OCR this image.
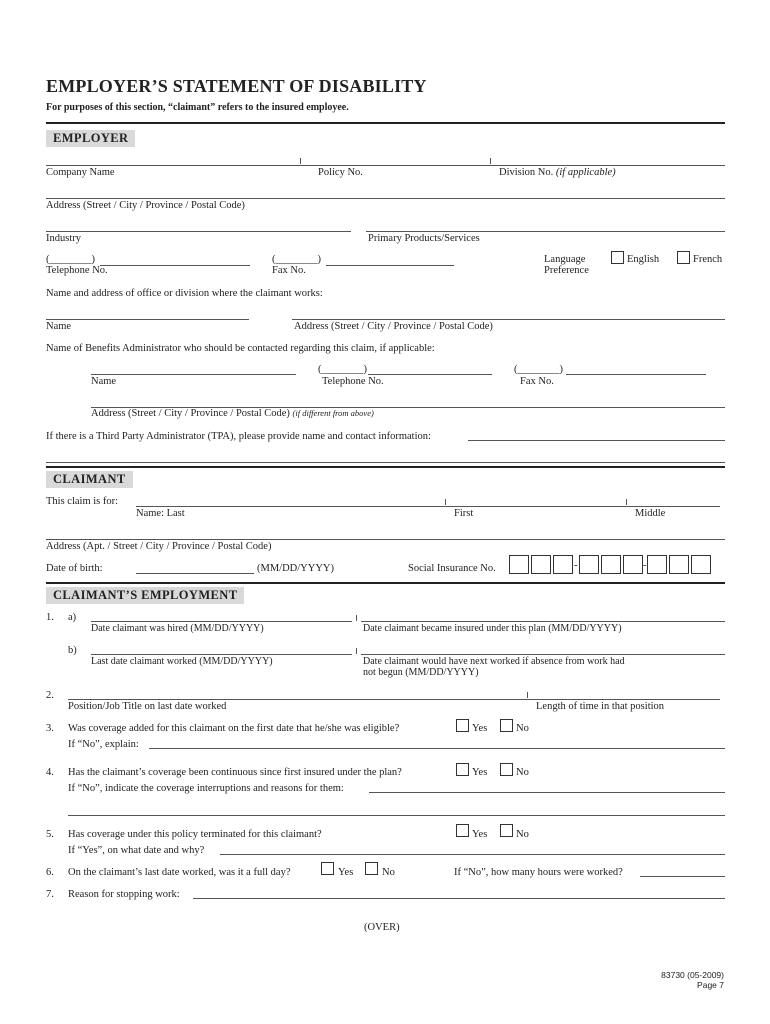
EMPLOYER’S STATEMENT OF DISABILITY
For purposes of this section, “claimant” refers to the insured employee.
EMPLOYER
Company Name	Policy No.	Division No. (if applicable)
Address (Street / City / Province / Postal Code)
Industry	Primary Products/Services
(________)
Telephone No.
(________)
Fax No.
Language
Preference
English	French
Name and address of office or division where the claimant works:
Name	Address (Street / City / Province / Postal Code)
Name of Benefits Administrator who should be contacted regarding this claim, if applicable:
Name
(________)
Telephone No.
(________)
Fax No.
Address (Street / City / Province / Postal Code) (if different from above)
If there is a Third Party Administrator (TPA), please provide name and contact information:
CLAIMANT
This claim is for:
Name: Last	First	Middle
Address (Apt. / Street / City / Province / Postal Code)
Date of birth:	(MM/DD/YYYY)	Social Insurance No.	-	-
CLAIMANT’S EMPLOYMENT
1. a)
Date claimant was hired (MM/DD/YYYY)	Date claimant became insured under this plan (MM/DD/YYYY)
b)
Last date claimant worked (MM/DD/YYYY)	Date claimant would have next worked if absence from work had
not begun (MM/DD/YYYY)
2.
Position/Job Title on last date worked	Length of time in that position
3. Was coverage added for this claimant on the first date that he/she was eligible?	Yes	No
If “No”, explain:
4. Has the claimant’s coverage been continuous since first insured under the plan?	Yes	No
If “No”, indicate the coverage interruptions and reasons for them:
5. Has coverage under this policy terminated for this claimant?	Yes	No
If “Yes”, on what date and why?
6. On the claimant’s last date worked, was it a full day?	Yes	No	If “No”, how many hours were worked?
7. Reason for stopping work:
(OVER)
83730 (05-2009)
Page 7
